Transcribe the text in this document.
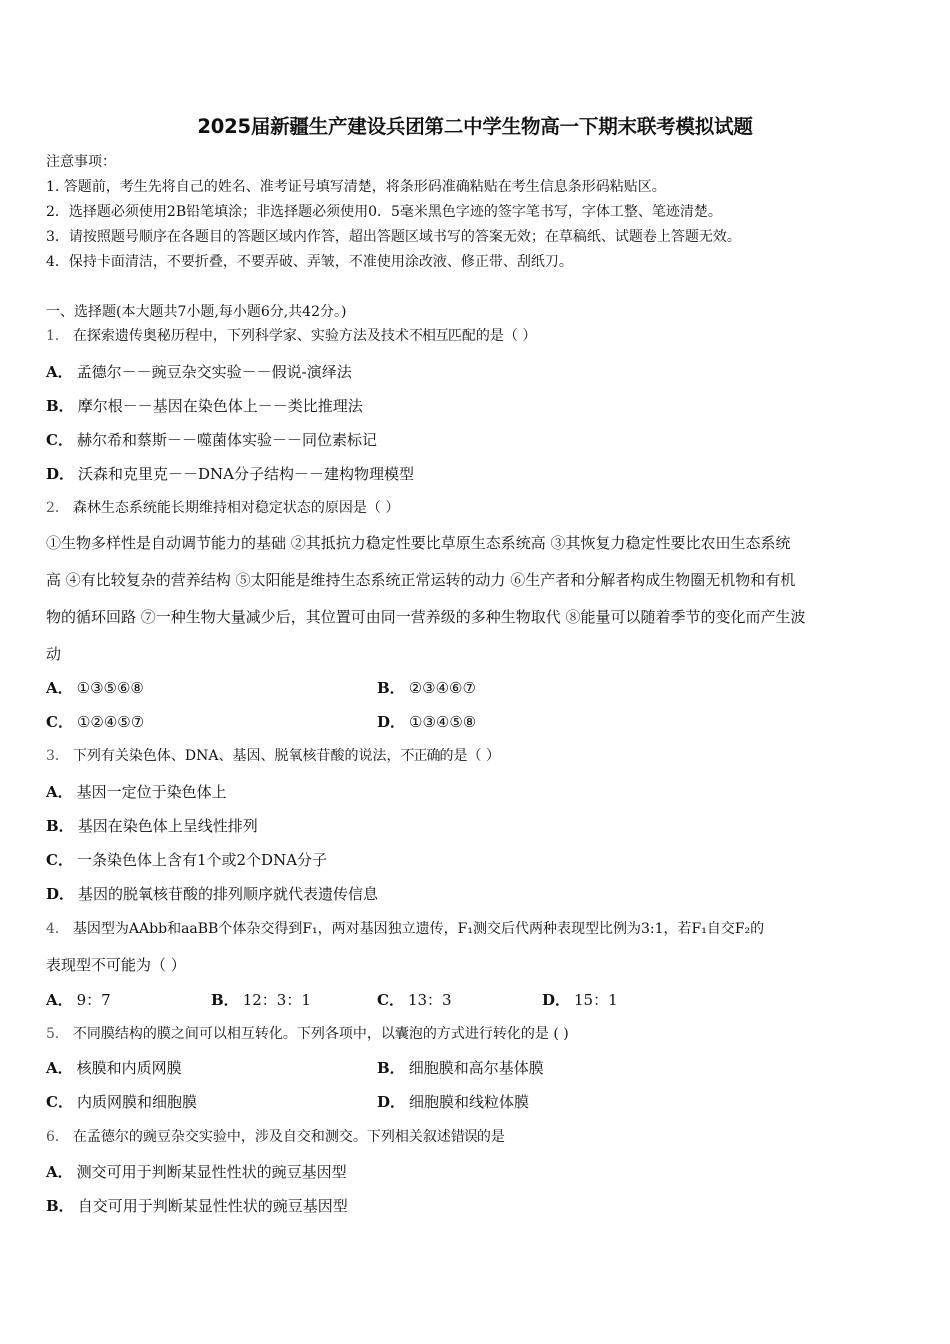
2025届新疆生产建设兵团第二中学生物高一下期末联考模拟试题
注意事项：
1. 答题前，考生先将自己的姓名、准考证号填写清楚，将条形码准确粘贴在考生信息条形码粘贴区。
2．选择题必须使用2B铅笔填涂；非选择题必须使用0．5毫米黑色字迹的签字笔书写，字体工整、笔迹清楚。
3．请按照题号顺序在各题目的答题区域内作答，超出答题区域书写的答案无效；在草稿纸、试题卷上答题无效。
4．保持卡面清洁，不要折叠，不要弄破、弄皱，不准使用涂改液、修正带、刮纸刀。
一、选择题(本大题共7小题,每小题6分,共42分。)
1． 在探索遗传奥秘历程中，下列科学家、实验方法及技术不相互匹配的是（ ）
A． 孟德尔－－豌豆杂交实验－－假说-演绎法
B． 摩尔根－－基因在染色体上－－类比推理法
C． 赫尔希和蔡斯－－噬菌体实验－－同位素标记
D． 沃森和克里克－－DNA分子结构－－建构物理模型
2． 森林生态系统能长期维持相对稳定状态的原因是（ ）
①生物多样性是自动调节能力的基础 ②其抵抗力稳定性要比草原生态系统高 ③其恢复力稳定性要比农田生态系统
高 ④有比较复杂的营养结构 ⑤太阳能是维持生态系统正常运转的动力 ⑥生产者和分解者构成生物圈无机物和有机
物的循环回路 ⑦一种生物大量减少后，其位置可由同一营养级的多种生物取代 ⑧能量可以随着季节的变化而产生波
动
A． ①③⑤⑥⑧	B． ②③④⑥⑦
C． ①②④⑤⑦	D． ①③④⑤⑧
3． 下列有关染色体、DNA、基因、脱氧核苷酸的说法，不正确的是（ ）
A． 基因一定位于染色体上
B． 基因在染色体上呈线性排列
C． 一条染色体上含有1个或2个DNA分子
D． 基因的脱氧核苷酸的排列顺序就代表遗传信息
4． 基因型为AAbb和aaBB个体杂交得到F₁，两对基因独立遗传，F₁测交后代两种表现型比例为3:1，若F₁自交F₂的
表现型不可能为（ ）
A． 9：7	B． 12：3：1	C． 13：3	D． 15：1
5． 不同膜结构的膜之间可以相互转化。下列各项中，以囊泡的方式进行转化的是 ( )
A． 核膜和内质网膜	B． 细胞膜和高尔基体膜
C． 内质网膜和细胞膜	D． 细胞膜和线粒体膜
6． 在孟德尔的豌豆杂交实验中，涉及自交和测交。下列相关叙述错误的是
A． 测交可用于判断某显性性状的豌豆基因型
B． 自交可用于判断某显性性状的豌豆基因型
